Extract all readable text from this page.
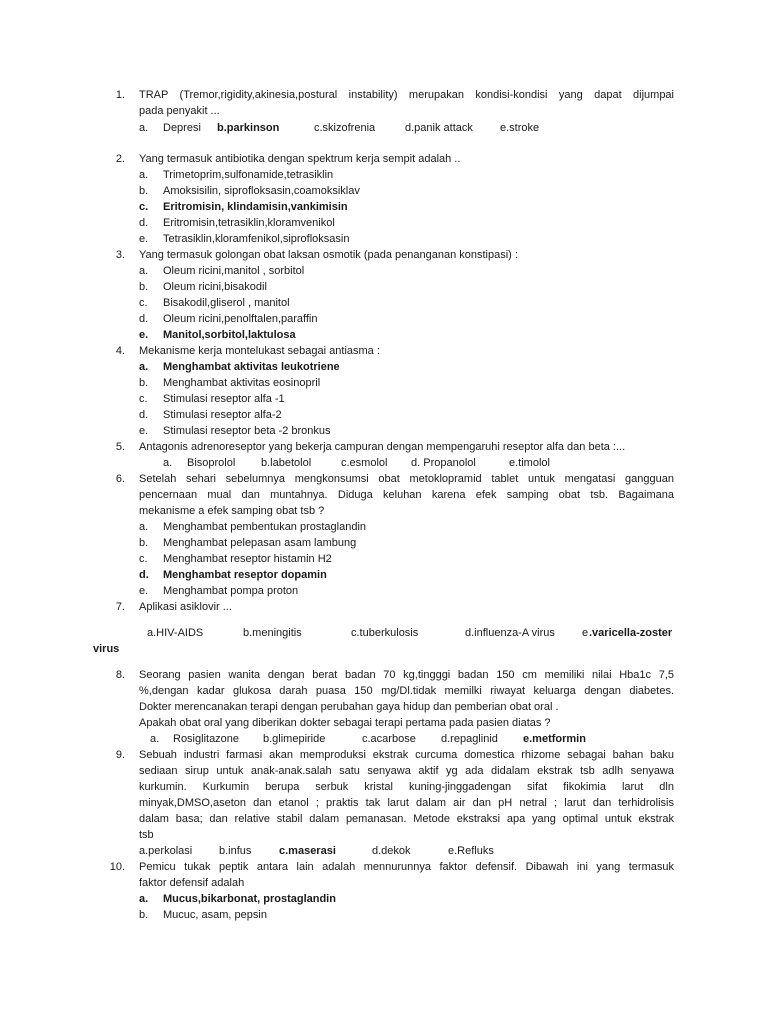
1. TRAP (Tremor,rigidity,akinesia,postural instability) merupakan kondisi-kondisi yang dapat dijumpai
pada penyakit ...
a. Depresi b.parkinson	c.skizofrenia	d.panik attack e.stroke
2. Yang termasuk antibiotika dengan spektrum kerja sempit adalah ..
a. Trimetoprim,sulfonamide,tetrasiklin
b. Amoksisilin, siprofloksasin,coamoksiklav
c. Eritromisin, klindamisin,vankimisin
d. Eritromisin,tetrasiklin,kloramvenikol
e. Tetrasiklin,kloramfenikol,siprofloksasin
3. Yang termasuk golongan obat laksan osmotik (pada penanganan konstipasi) :
a. Oleum ricini,manitol , sorbitol
b. Oleum ricini,bisakodil
c. Bisakodil,gliserol , manitol
d. Oleum ricini,penolftalen,paraffin
e. Manitol,sorbitol,laktulosa
4. Mekanisme kerja montelukast sebagai antiasma :
a. Menghambat aktivitas leukotriene
b. Menghambat aktivitas eosinopril
c. Stimulasi reseptor alfa -1
d. Stimulasi reseptor alfa-2
e. Stimulasi reseptor beta -2 bronkus
5. Antagonis adrenoreseptor yang bekerja campuran dengan mempengaruhi reseptor alfa dan beta :...
a. Bisoprolol b.labetolol	c.esmolol d. Propanolol	e.timolol
6. Setelah sehari sebelumnya mengkonsumsi obat metoklopramid tablet untuk mengatasi gangguan
pencernaan mual dan muntahnya. Diduga keluhan karena efek samping obat tsb. Bagaimana
mekanisme a efek samping obat tsb ?
a. Menghambat pembentukan prostaglandin
b. Menghambat pelepasan asam lambung
c. Menghambat reseptor histamin H2
d. Menghambat reseptor dopamin
e. Menghambat pompa proton
7. Aplikasi asiklovir ...
a.HIV-AIDS	b.meningitis	c.tuberkulosis	d.influenza-A virus e .varicella-zoster
virus
8. Seorang pasien wanita dengan berat badan 70 kg,tingggi badan 150 cm memiliki nilai Hba1c 7,5
%,dengan kadar glukosa darah puasa 150 mg/Dl.tidak memilki riwayat keluarga dengan diabetes.
Dokter merencanakan terapi dengan perubahan gaya hidup dan pemberian obat oral .
Apakah obat oral yang diberikan dokter sebagai terapi pertama pada pasien diatas ?
a. Rosiglitazone b.glimepiride	c.acarbose d.repaglinid e.metformin
9. Sebuah industri farmasi akan memproduksi ekstrak curcuma domestica rhizome sebagai bahan baku
sediaan sirup untuk anak-anak.salah satu senyawa aktif yg ada didalam ekstrak tsb adlh senyawa
kurkumin. Kurkumin berupa serbuk kristal kuning-jinggadengan sifat fikokimia larut dln
minyak,DMSO,aseton dan etanol ; praktis tak larut dalam air dan pH netral ; larut dan terhidrolisis
dalam basa; dan relative stabil dalam pemanasan. Metode ekstraksi apa yang optimal untuk ekstrak
tsb
a.perkolasi b.infus	c.maserasi	d.dekok	e.Refluks
10. Pemicu tukak peptik antara lain adalah mennurunnya faktor defensif. Dibawah ini yang termasuk
faktor defensif adalah
a. Mucus,bikarbonat, prostaglandin
b. Mucuc, asam, pepsin
